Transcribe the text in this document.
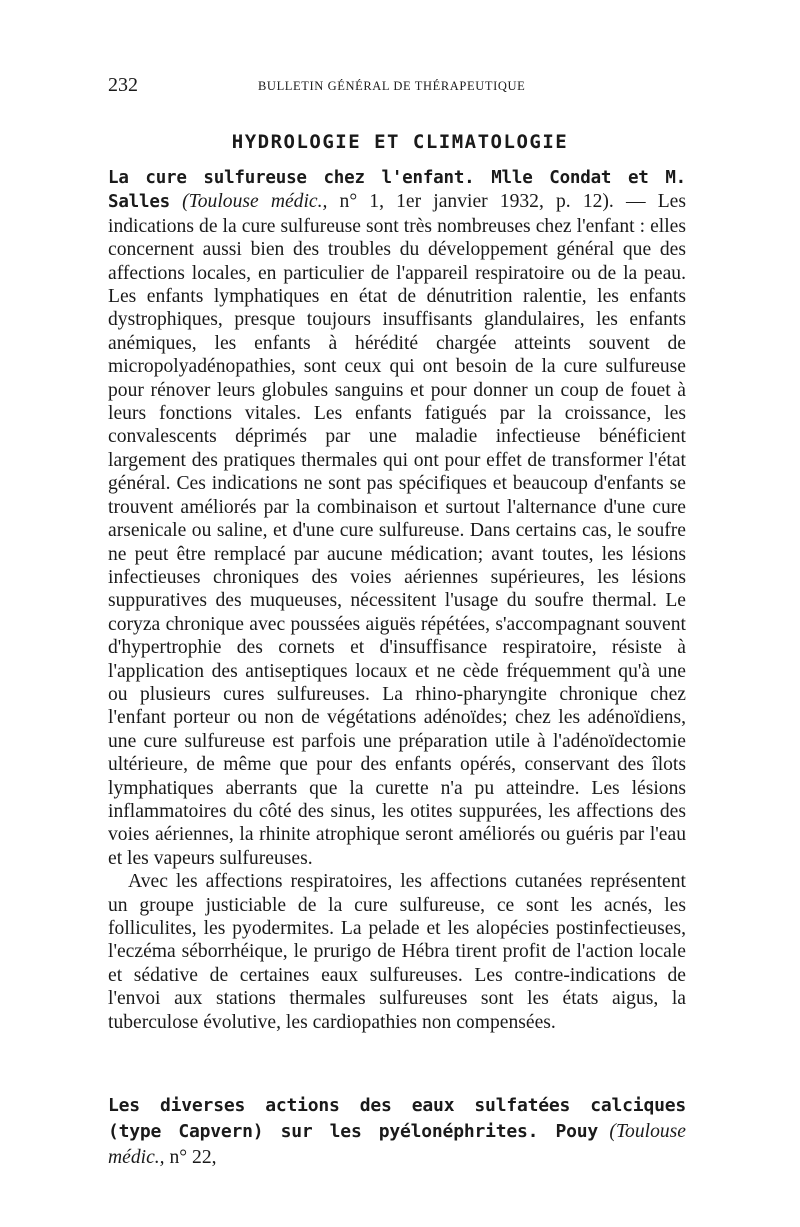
232	BULLETIN GÉNÉRAL DE THÉRAPEUTIQUE
HYDROLOGIE ET CLIMATOLOGIE

La cure sulfureuse chez l'enfant. Mlle Condat et M. Salles (Toulouse médic., n° 1, 1er janvier 1932, p. 12). — Les indications de la cure sulfureuse sont très nombreuses chez l'enfant : elles concernent aussi bien des troubles du développement général que des affections locales, en particulier de l'appareil respiratoire ou de la peau. Les enfants lymphatiques en état de dénutrition ralentie, les enfants dystrophiques, presque toujours insuffisants glandulaires, les enfants anémiques, les enfants à hérédité chargée atteints souvent de micropolyadénopathies, sont ceux qui ont besoin de la cure sulfureuse pour rénover leurs globules sanguins et pour donner un coup de fouet à leurs fonctions vitales. Les enfants fatigués par la croissance, les convalescents déprimés par une maladie infectieuse bénéficient largement des pratiques thermales qui ont pour effet de transformer l'état général. Ces indications ne sont pas spécifiques et beaucoup d'enfants se trouvent améliorés par la combinaison et surtout l'alternance d'une cure arsenicale ou saline, et d'une cure sulfureuse. Dans certains cas, le soufre ne peut être remplacé par aucune médication; avant toutes, les lésions infectieuses chroniques des voies aériennes supérieures, les lésions suppuratives des muqueuses, nécessitent l'usage du soufre thermal. Le coryza chronique avec poussées aiguës répétées, s'accompagnant souvent d'hypertrophie des cornets et d'insuffisance respiratoire, résiste à l'application des antiseptiques locaux et ne cède fréquemment qu'à une ou plusieurs cures sulfureuses. La rhino-pharyngite chronique chez l'enfant porteur ou non de végétations adénoïdes; chez les adénoïdiens, une cure sulfureuse est parfois une préparation utile à l'adénoïdectomie ultérieure, de même que pour des enfants opérés, conservant des îlots lymphatiques aberrants que la curette n'a pu atteindre. Les lésions inflammatoires du côté des sinus, les otites suppurées, les affections des voies aériennes, la rhinite atrophique seront améliorés ou guéris par l'eau et les vapeurs sulfureuses.

Avec les affections respiratoires, les affections cutanées représentent un groupe justiciable de la cure sulfureuse, ce sont les acnés, les folliculites, les pyodermites. La pelade et les alopécies postinfectieuses, l'eczéma séborrhéique, le prurigo de Hébra tirent profit de l'action locale et sédative de certaines eaux sulfureuses. Les contre-indications de l'envoi aux stations thermales sulfureuses sont les états aigus, la tuberculose évolutive, les cardiopathies non compensées.

Les diverses actions des eaux sulfatées calciques (type Capvern) sur les pyélonéphrites. Pouy (Toulouse médic., n° 22,
